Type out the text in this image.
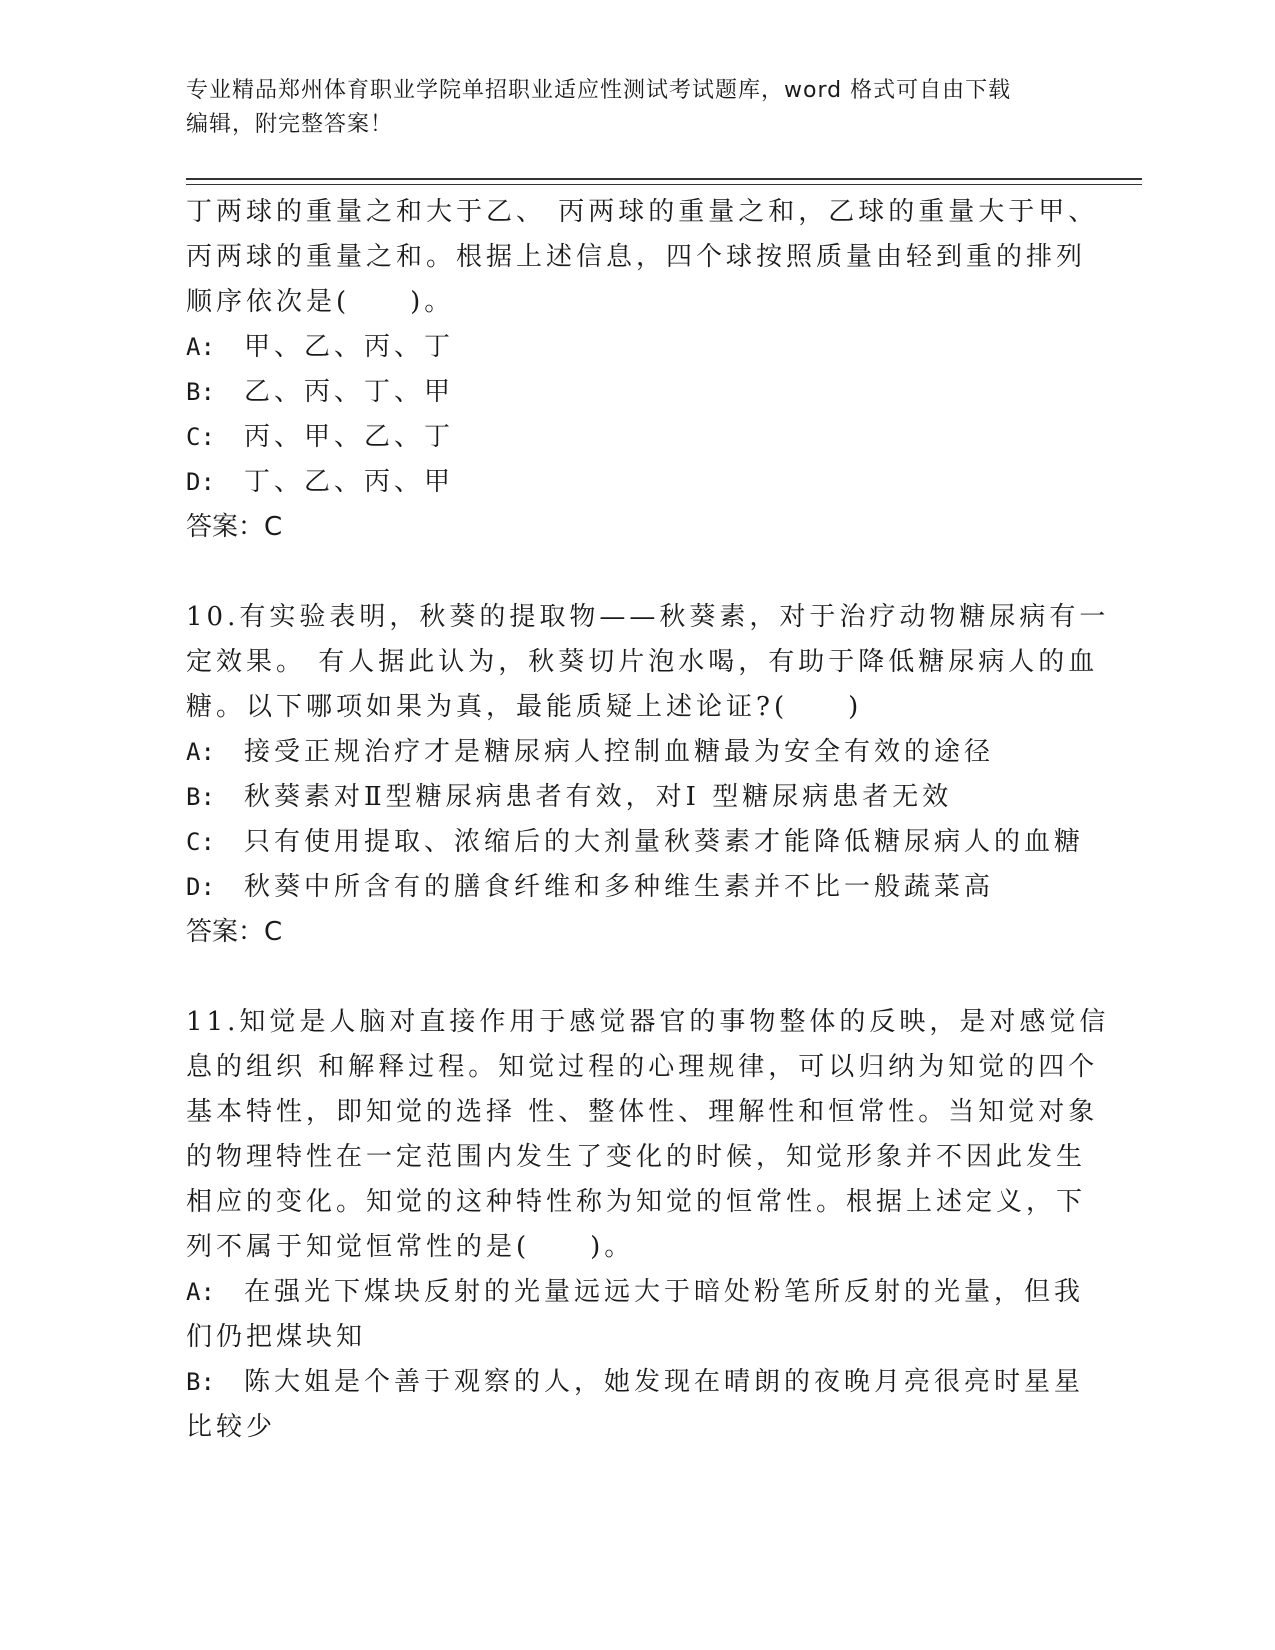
专业精品郑州体育职业学院单招职业适应性测试考试题库，word 格式可自由下载
编辑，附完整答案！
丁两球的重量之和大于乙、 丙两球的重量之和，乙球的重量大于甲、
丙两球的重量之和。根据上述信息，四个球按照质量由轻到重的排列
顺序依次是(　　)。
A:	甲、乙、丙、丁
B:	乙、丙、丁、甲
C:	丙、甲、乙、丁
D:	丁、乙、丙、甲
答案：C
10.有实验表明，秋葵的提取物——秋葵素，对于治疗动物糖尿病有一
定效果。 有人据此认为，秋葵切片泡水喝，有助于降低糖尿病人的血
糖。以下哪项如果为真，最能质疑上述论证?(　　)
A:	接受正规治疗才是糖尿病人控制血糖最为安全有效的途径
B:	秋葵素对Ⅱ型糖尿病患者有效，对Ⅰ 型糖尿病患者无效
C:	只有使用提取、浓缩后的大剂量秋葵素才能降低糖尿病人的血糖
D:	秋葵中所含有的膳食纤维和多种维生素并不比一般蔬菜高
答案：C
11.知觉是人脑对直接作用于感觉器官的事物整体的反映，是对感觉信
息的组织 和解释过程。知觉过程的心理规律，可以归纳为知觉的四个
基本特性，即知觉的选择 性、整体性、理解性和恒常性。当知觉对象
的物理特性在一定范围内发生了变化的时候，知觉形象并不因此发生
相应的变化。知觉的这种特性称为知觉的恒常性。根据上述定义，下
列不属于知觉恒常性的是(　　)。
A:	在强光下煤块反射的光量远远大于暗处粉笔所反射的光量，但我
们仍把煤块知
B:	陈大姐是个善于观察的人，她发现在晴朗的夜晚月亮很亮时星星
比较少
